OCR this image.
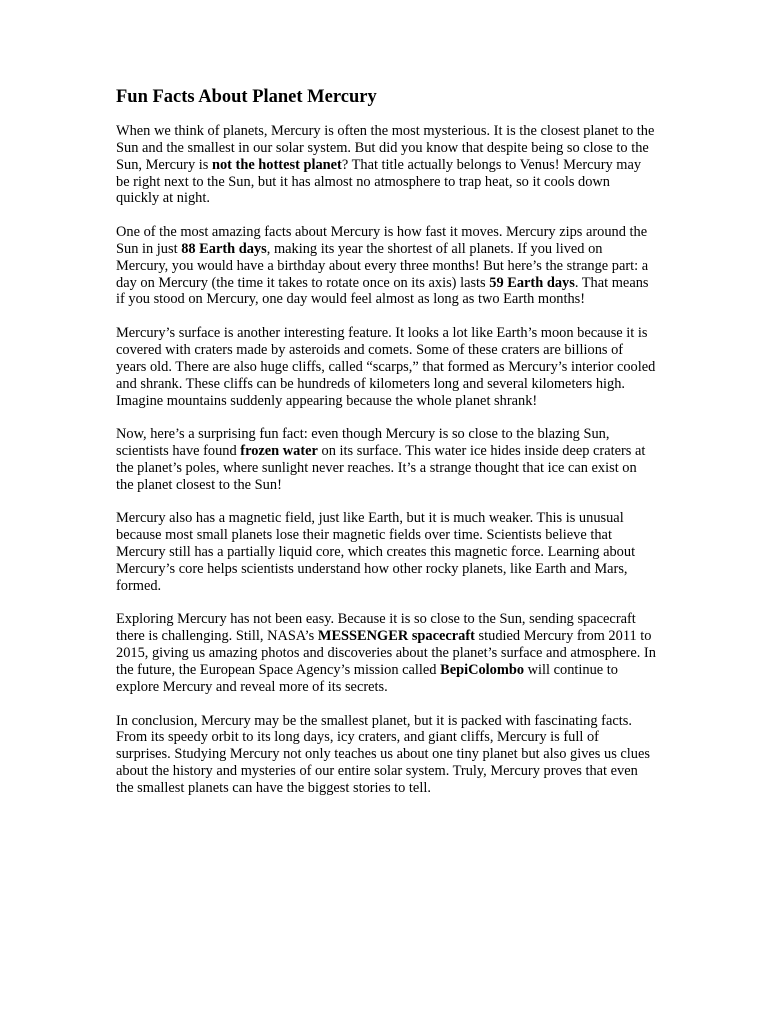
Fun Facts About Planet Mercury

When we think of planets, Mercury is often the most mysterious. It is the closest planet to the Sun and the smallest in our solar system. But did you know that despite being so close to the Sun, Mercury is not the hottest planet? That title actually belongs to Venus! Mercury may be right next to the Sun, but it has almost no atmosphere to trap heat, so it cools down quickly at night.

One of the most amazing facts about Mercury is how fast it moves. Mercury zips around the Sun in just 88 Earth days, making its year the shortest of all planets. If you lived on Mercury, you would have a birthday about every three months! But here’s the strange part: a day on Mercury (the time it takes to rotate once on its axis) lasts 59 Earth days. That means if you stood on Mercury, one day would feel almost as long as two Earth months!

Mercury’s surface is another interesting feature. It looks a lot like Earth’s moon because it is covered with craters made by asteroids and comets. Some of these craters are billions of years old. There are also huge cliffs, called “scarps,” that formed as Mercury’s interior cooled and shrank. These cliffs can be hundreds of kilometers long and several kilometers high. Imagine mountains suddenly appearing because the whole planet shrank!

Now, here’s a surprising fun fact: even though Mercury is so close to the blazing Sun, scientists have found frozen water on its surface. This water ice hides inside deep craters at the planet’s poles, where sunlight never reaches. It’s a strange thought that ice can exist on the planet closest to the Sun!

Mercury also has a magnetic field, just like Earth, but it is much weaker. This is unusual because most small planets lose their magnetic fields over time. Scientists believe that Mercury still has a partially liquid core, which creates this magnetic force. Learning about Mercury’s core helps scientists understand how other rocky planets, like Earth and Mars, formed.

Exploring Mercury has not been easy. Because it is so close to the Sun, sending spacecraft there is challenging. Still, NASA’s MESSENGER spacecraft studied Mercury from 2011 to 2015, giving us amazing photos and discoveries about the planet’s surface and atmosphere. In the future, the European Space Agency’s mission called BepiColombo will continue to explore Mercury and reveal more of its secrets.

In conclusion, Mercury may be the smallest planet, but it is packed with fascinating facts. From its speedy orbit to its long days, icy craters, and giant cliffs, Mercury is full of surprises. Studying Mercury not only teaches us about one tiny planet but also gives us clues about the history and mysteries of our entire solar system. Truly, Mercury proves that even the smallest planets can have the biggest stories to tell.
